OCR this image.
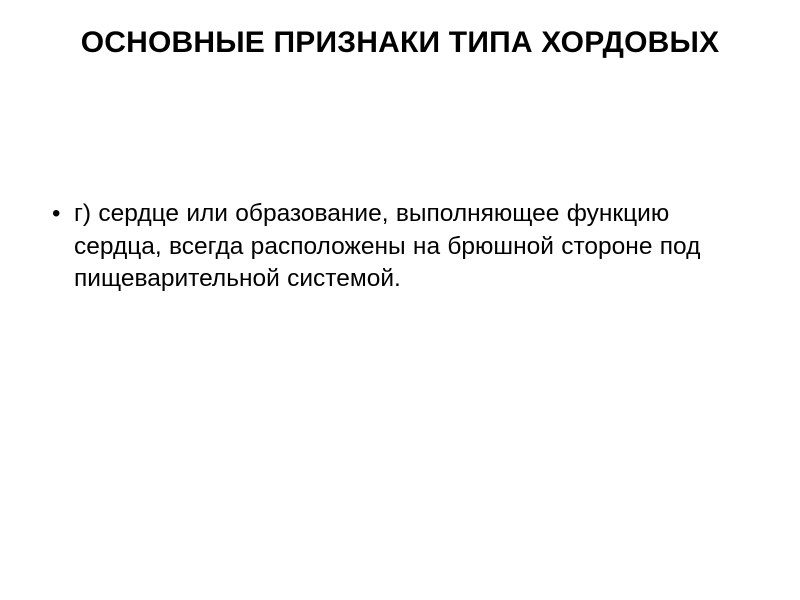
ОСНОВНЫЕ ПРИЗНАКИ ТИПА ХОРДОВЫХ
• г) сердце или образование, выполняющее функцию сердца, всегда расположены на брюшной стороне под пищеварительной системой.
